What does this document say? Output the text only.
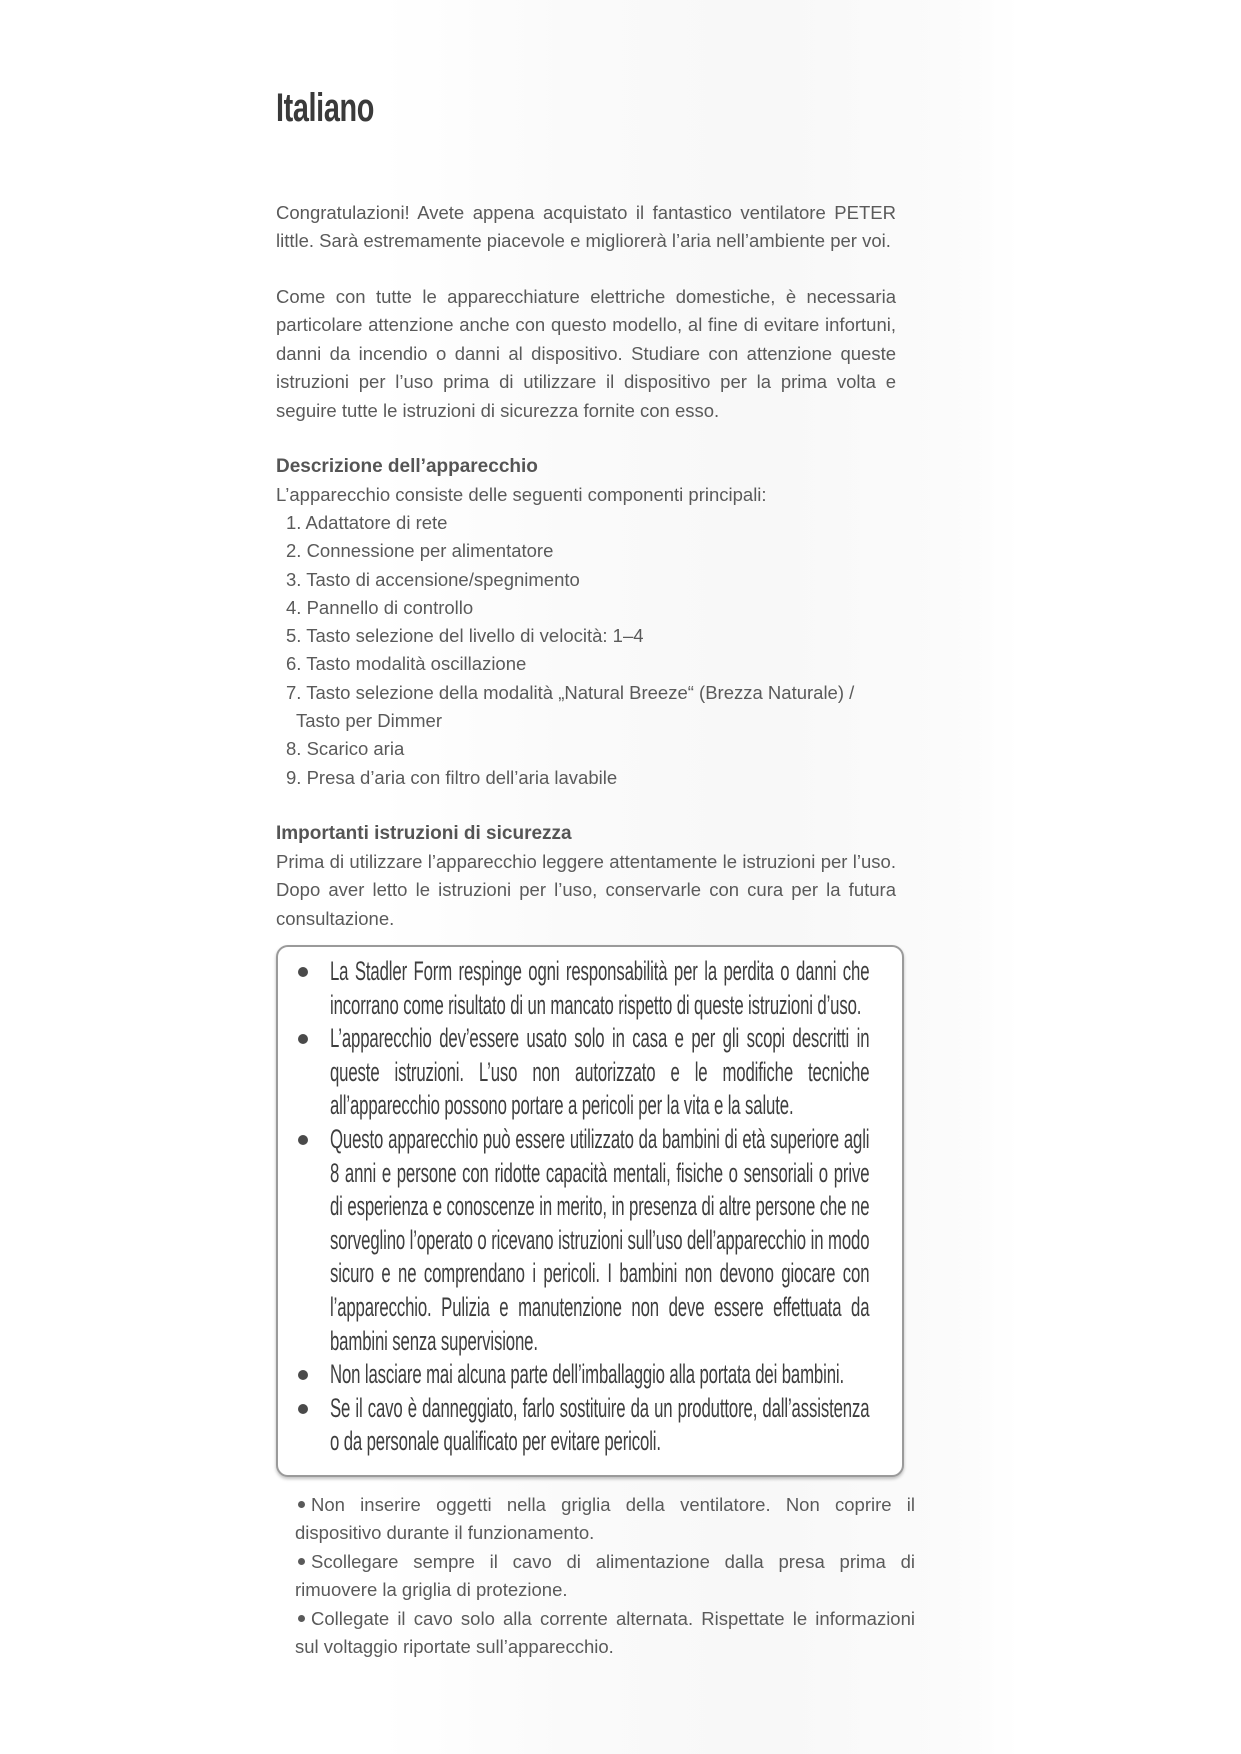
Italiano

Congratulazioni! Avete appena acquistato il fantastico ventilatore PETER little. Sarà estremamente piacevole e migliorerà l’aria nell’ambiente per voi.

Come con tutte le apparecchiature elettriche domestiche, è necessaria particolare attenzione anche con questo modello, al fine di evitare infortuni, danni da incendio o danni al dispositivo. Studiare con attenzione queste istruzioni per l’uso prima di utilizzare il dispositivo per la prima volta e seguire tutte le istruzioni di sicurezza fornite con esso.

Descrizione dell’apparecchio

L’apparecchio consiste delle seguenti componenti principali:

1. Adattatore di rete
2. Connessione per alimentatore
3. Tasto di accensione/spegnimento
4. Pannello di controllo
5. Tasto selezione del livello di velocità: 1–4
6. Tasto modalità oscillazione
7. Tasto selezione della modalità „Natural Breeze“ (Brezza Naturale) /
Tasto per Dimmer
8. Scarico aria
9. Presa d’aria con filtro dell’aria lavabile
Importanti istruzioni di sicurezza

Prima di utilizzare l’apparecchio leggere attentamente le istruzioni per l’uso. Dopo aver letto le istruzioni per l’uso, conservarle con cura per la futura consultazione.

La Stadler Form respinge ogni responsabilità per la perdita o danni che incorrano come risultato di un mancato rispetto di queste istruzioni d’uso.
L’apparecchio dev’essere usato solo in casa e per gli scopi descritti in queste istruzioni. L’uso non autorizzato e le modifiche tecniche all’apparecchio possono portare a pericoli per la vita e la salute.
Questo apparecchio può essere utilizzato da bambini di età superiore agli 8 anni e persone con ridotte capacità mentali, fisiche o sensoriali o prive di esperienza e conoscenze in merito, in presenza di altre persone che ne sorveglino l’operato o ricevano istruzioni sull’uso dell’apparecchio in modo sicuro e ne comprendano i pericoli. I bambini non devono giocare con l’apparecchio. Pulizia e manutenzione non deve essere effettuata da bambini senza supervisione.
Non lasciare mai alcuna parte dell’imballaggio alla portata dei bambini.
Se il cavo è danneggiato, farlo sostituire da un produttore, dall’assistenza o da personale qualificato per evitare pericoli.
Non inserire oggetti nella griglia della ventilatore. Non coprire il dispositivo durante il funzionamento.
Scollegare sempre il cavo di alimentazione dalla presa prima di rimuovere la griglia di protezione.
Collegate il cavo solo alla corrente alternata. Rispettate le informazioni sul voltaggio riportate sull’apparecchio.
